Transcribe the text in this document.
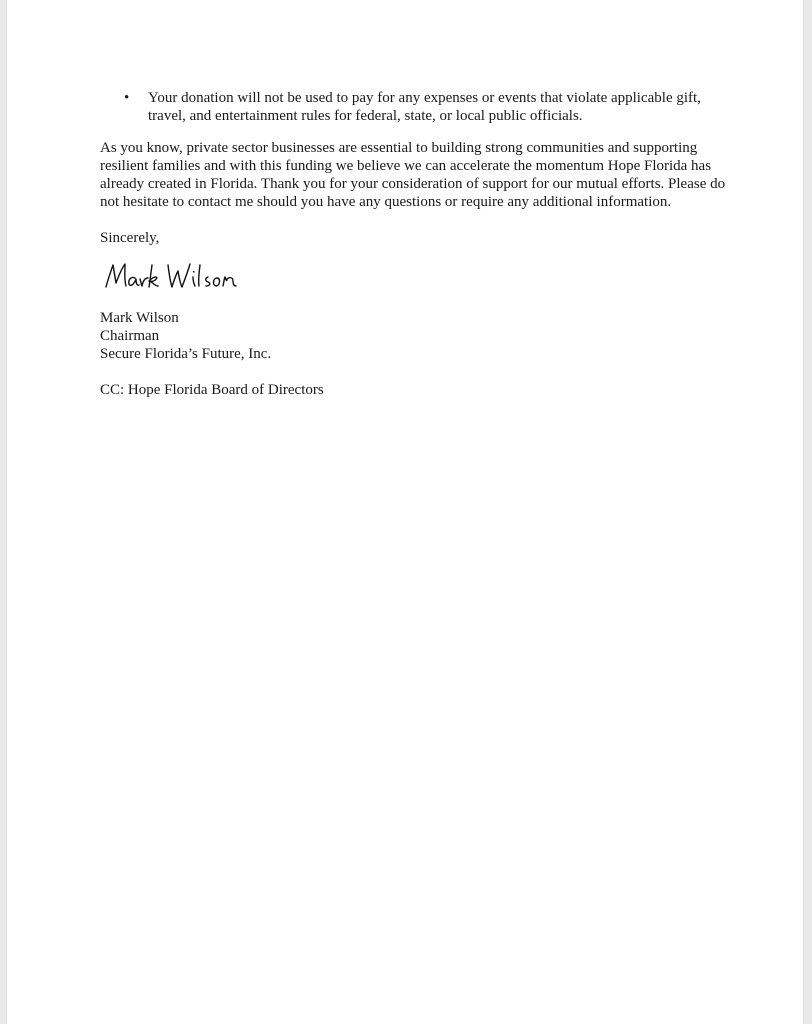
• Your donation will not be used to pay for any expenses or events that violate applicable gift, travel, and entertainment rules for federal, state, or local public officials.

As you know, private sector businesses are essential to building strong communities and supporting resilient families and with this funding we believe we can accelerate the momentum Hope Florida has already created in Florida. Thank you for your consideration of support for our mutual efforts. Please do not hesitate to contact me should you have any questions or require any additional information.

Sincerely,

Mark Wilson
Chairman
Secure Florida’s Future, Inc.

CC: Hope Florida Board of Directors
